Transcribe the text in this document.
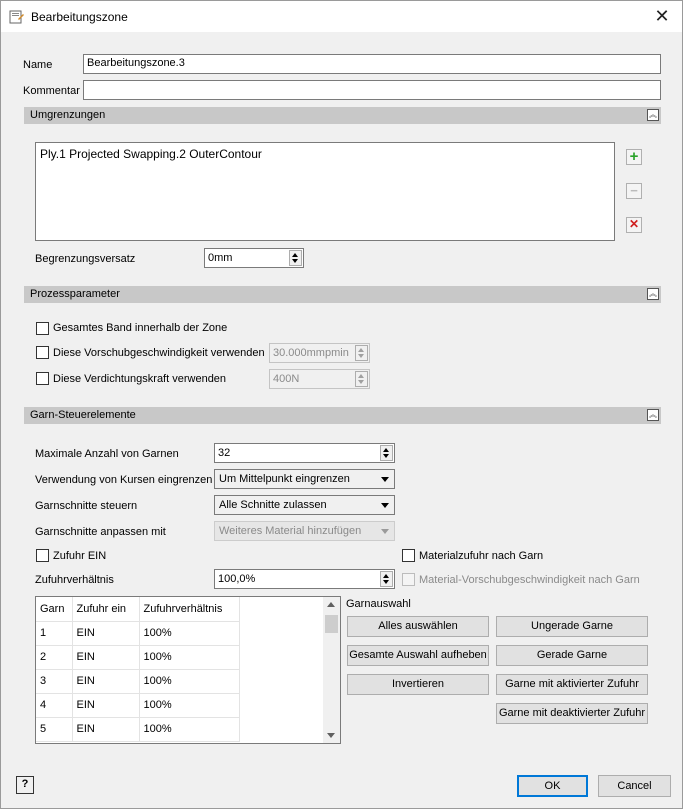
Bearbeitungszone	✕
Name	Bearbeitungszone.3
Kommentar
Umgrenzungen	︽
Ply.1 Projected Swapping.2 OuterContour	+
−
✕
Begrenzungsversatz	0mm
Prozessparameter	︽
Gesamtes Band innerhalb der Zone
Diese Vorschubgeschwindigkeit verwenden 30.000mmpmin
Diese Verdichtungskraft verwenden	400N
Garn-Steuerelemente	︽
Maximale Anzahl von Garnen	32
Verwendung von Kursen eingrenzen Um Mittelpunkt eingrenzen
Garnschnitte steuern	Alle Schnitte zulassen
Garnschnitte anpassen mit	Weiteres Material hinzufügen
Zufuhr EIN	Materialzufuhr nach Garn
Zufuhrverhältnis	100,0%	Material-Vorschubgeschwindigkeit nach Garn
Garn	Zufuhr ein	Zufuhrverhältnis
1	EIN	100%
2	EIN	100%
3	EIN	100%
4	EIN	100%
5	EIN	100%
Garnauswahl
Alles auswählen	Ungerade Garne
Gesamte Auswahl aufheben	Gerade Garne
Invertieren	Garne mit aktivierter Zufuhr
Garne mit deaktivierter Zufuhr
?	OK	Cancel
